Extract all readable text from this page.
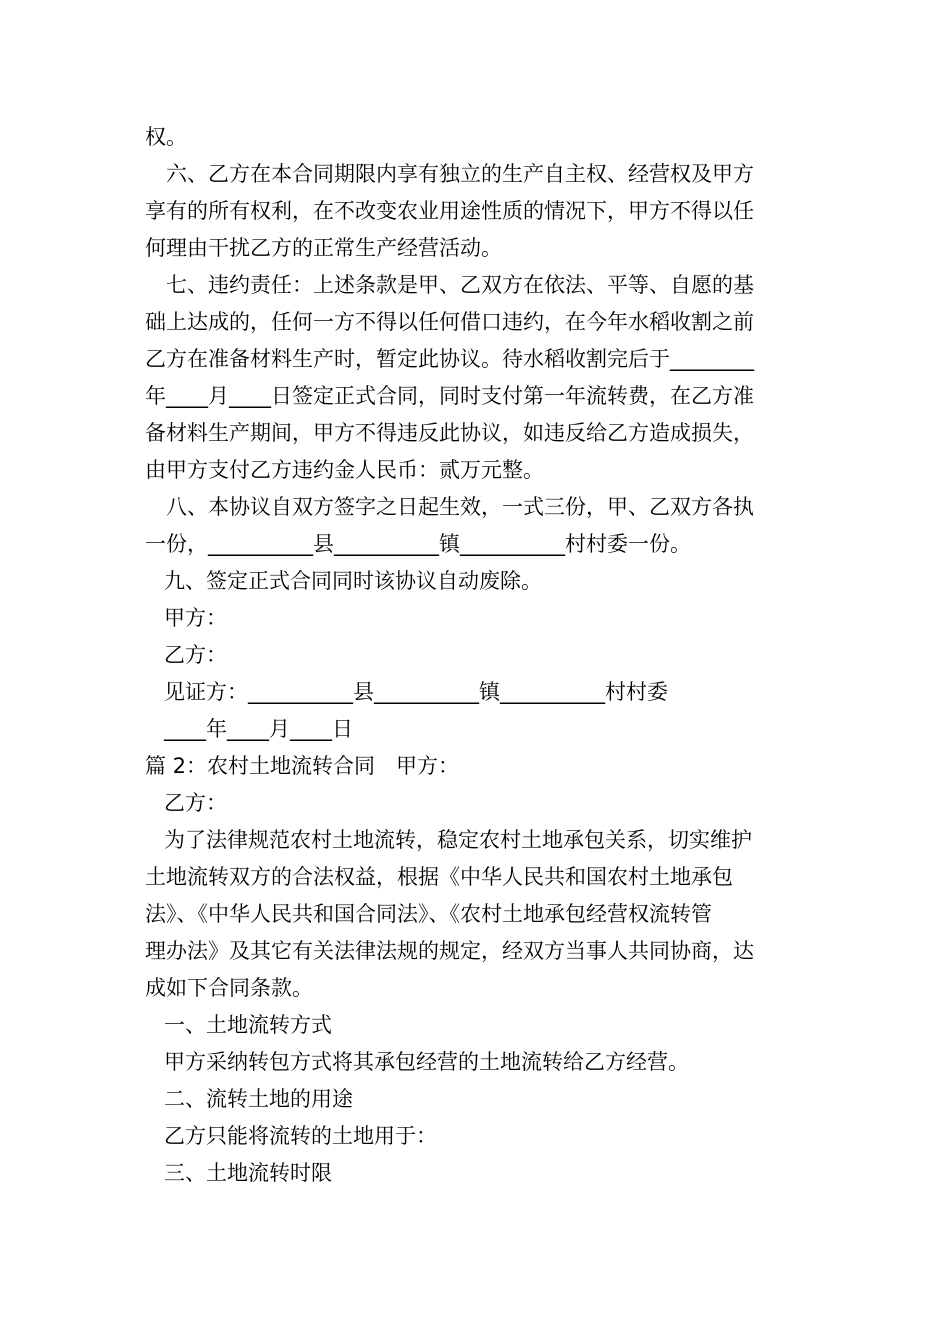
权。
六、乙方在本合同期限内享有独立的生产自主权、经营权及甲方
享有的所有权利，在不改变农业用途性质的情况下，甲方不得以任
何理由干扰乙方的正常生产经营活动。
七、违约责任：上述条款是甲、乙双方在依法、平等、自愿的基
础上达成的，任何一方不得以任何借口违约，在今年水稻收割之前
乙方在准备材料生产时，暂定此协议。待水稻收割完后于________
年____月____日签定正式合同，同时支付第一年流转费，在乙方准
备材料生产期间，甲方不得违反此协议，如违反给乙方造成损失，
由甲方支付乙方违约金人民币：贰万元整。
八、本协议自双方签字之日起生效，一式三份，甲、乙双方各执
一份，__________县__________镇__________村村委一份。
九、签定正式合同同时该协议自动废除。
甲方：
乙方：
见证方：__________县__________镇__________村村委
____年____月____日
篇 2：农村土地流转合同　甲方：
乙方：
为了法律规范农村土地流转，稳定农村土地承包关系，切实维护
土地流转双方的合法权益，根据《中华人民共和国农村土地承包
法》、《中华人民共和国合同法》、《农村土地承包经营权流转管
理办法》及其它有关法律法规的规定，经双方当事人共同协商，达
成如下合同条款。
一、土地流转方式
甲方采纳转包方式将其承包经营的土地流转给乙方经营。
二、流转土地的用途
乙方只能将流转的土地用于：
三、土地流转时限
